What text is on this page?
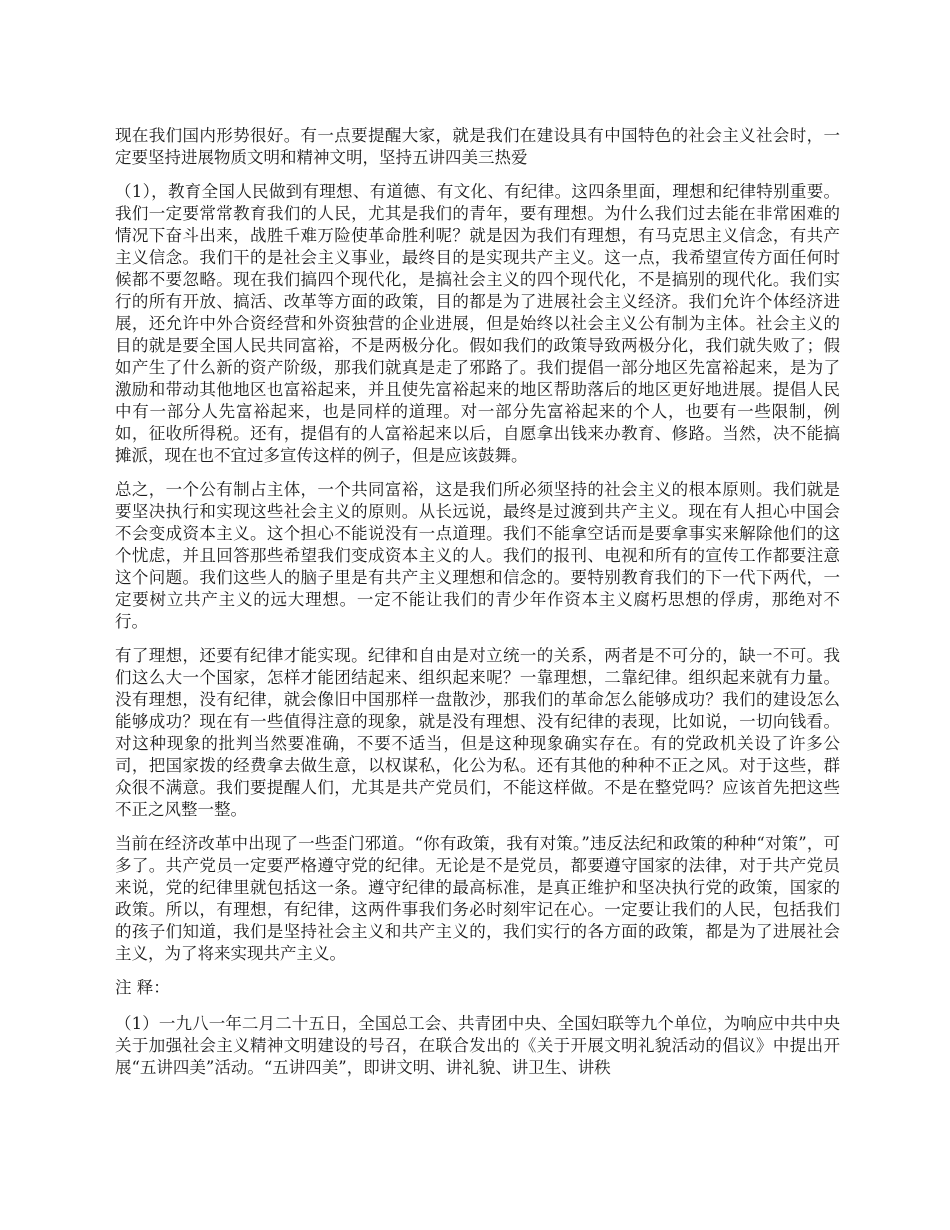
现在我们国内形势很好。有一点要提醒大家，就是我们在建设具有中国特色的社会主义社会时，一定要坚持进展物质文明和精神文明，坚持五讲四美三热爱

（1），教育全国人民做到有理想、有道德、有文化、有纪律。这四条里面，理想和纪律特别重要。我们一定要常常教育我们的人民，尤其是我们的青年，要有理想。为什么我们过去能在非常困难的情况下奋斗出来，战胜千难万险使革命胜利呢？就是因为我们有理想，有马克思主义信念，有共产主义信念。我们干的是社会主义事业，最终目的是实现共产主义。这一点，我希望宣传方面任何时候都不要忽略。现在我们搞四个现代化，是搞社会主义的四个现代化，不是搞别的现代化。我们实行的所有开放、搞活、改革等方面的政策，目的都是为了进展社会主义经济。我们允许个体经济进展，还允许中外合资经营和外资独营的企业进展，但是始终以社会主义公有制为主体。社会主义的目的就是要全国人民共同富裕，不是两极分化。假如我们的政策导致两极分化，我们就失败了；假如产生了什么新的资产阶级，那我们就真是走了邪路了。我们提倡一部分地区先富裕起来，是为了激励和带动其他地区也富裕起来，并且使先富裕起来的地区帮助落后的地区更好地进展。提倡人民中有一部分人先富裕起来，也是同样的道理。对一部分先富裕起来的个人，也要有一些限制，例如，征收所得税。还有，提倡有的人富裕起来以后，自愿拿出钱来办教育、修路。当然，决不能搞摊派，现在也不宜过多宣传这样的例子，但是应该鼓舞。

总之，一个公有制占主体，一个共同富裕，这是我们所必须坚持的社会主义的根本原则。我们就是要坚决执行和实现这些社会主义的原则。从长远说，最终是过渡到共产主义。现在有人担心中国会不会变成资本主义。这个担心不能说没有一点道理。我们不能拿空话而是要拿事实来解除他们的这个忧虑，并且回答那些希望我们变成资本主义的人。我们的报刊、电视和所有的宣传工作都要注意这个问题。我们这些人的脑子里是有共产主义理想和信念的。要特别教育我们的下一代下两代，一定要树立共产主义的远大理想。一定不能让我们的青少年作资本主义腐朽思想的俘虏，那绝对不行。

有了理想，还要有纪律才能实现。纪律和自由是对立统一的关系，两者是不可分的，缺一不可。我们这么大一个国家，怎样才能团结起来、组织起来呢？一靠理想，二靠纪律。组织起来就有力量。没有理想，没有纪律，就会像旧中国那样一盘散沙，那我们的革命怎么能够成功？我们的建设怎么能够成功？现在有一些值得注意的现象，就是没有理想、没有纪律的表现，比如说，一切向钱看。对这种现象的批判当然要准确，不要不适当，但是这种现象确实存在。有的党政机关设了许多公司，把国家拨的经费拿去做生意，以权谋私，化公为私。还有其他的种种不正之风。对于这些，群众很不满意。我们要提醒人们，尤其是共产党员们，不能这样做。不是在整党吗？应该首先把这些不正之风整一整。

当前在经济改革中出现了一些歪门邪道。“你有政策，我有对策。”违反法纪和政策的种种“对策”，可多了。共产党员一定要严格遵守党的纪律。无论是不是党员，都要遵守国家的法律，对于共产党员来说，党的纪律里就包括这一条。遵守纪律的最高标准，是真正维护和坚决执行党的政策，国家的政策。所以，有理想，有纪律，这两件事我们务必时刻牢记在心。一定要让我们的人民，包括我们的孩子们知道，我们是坚持社会主义和共产主义的，我们实行的各方面的政策，都是为了进展社会主义，为了将来实现共产主义。

注 释：

（1）一九八一年二月二十五日，全国总工会、共青团中央、全国妇联等九个单位，为响应中共中央关于加强社会主义精神文明建设的号召，在联合发出的《关于开展文明礼貌活动的倡议》中提出开展“五讲四美”活动。“五讲四美”，即讲文明、讲礼貌、讲卫生、讲秩
